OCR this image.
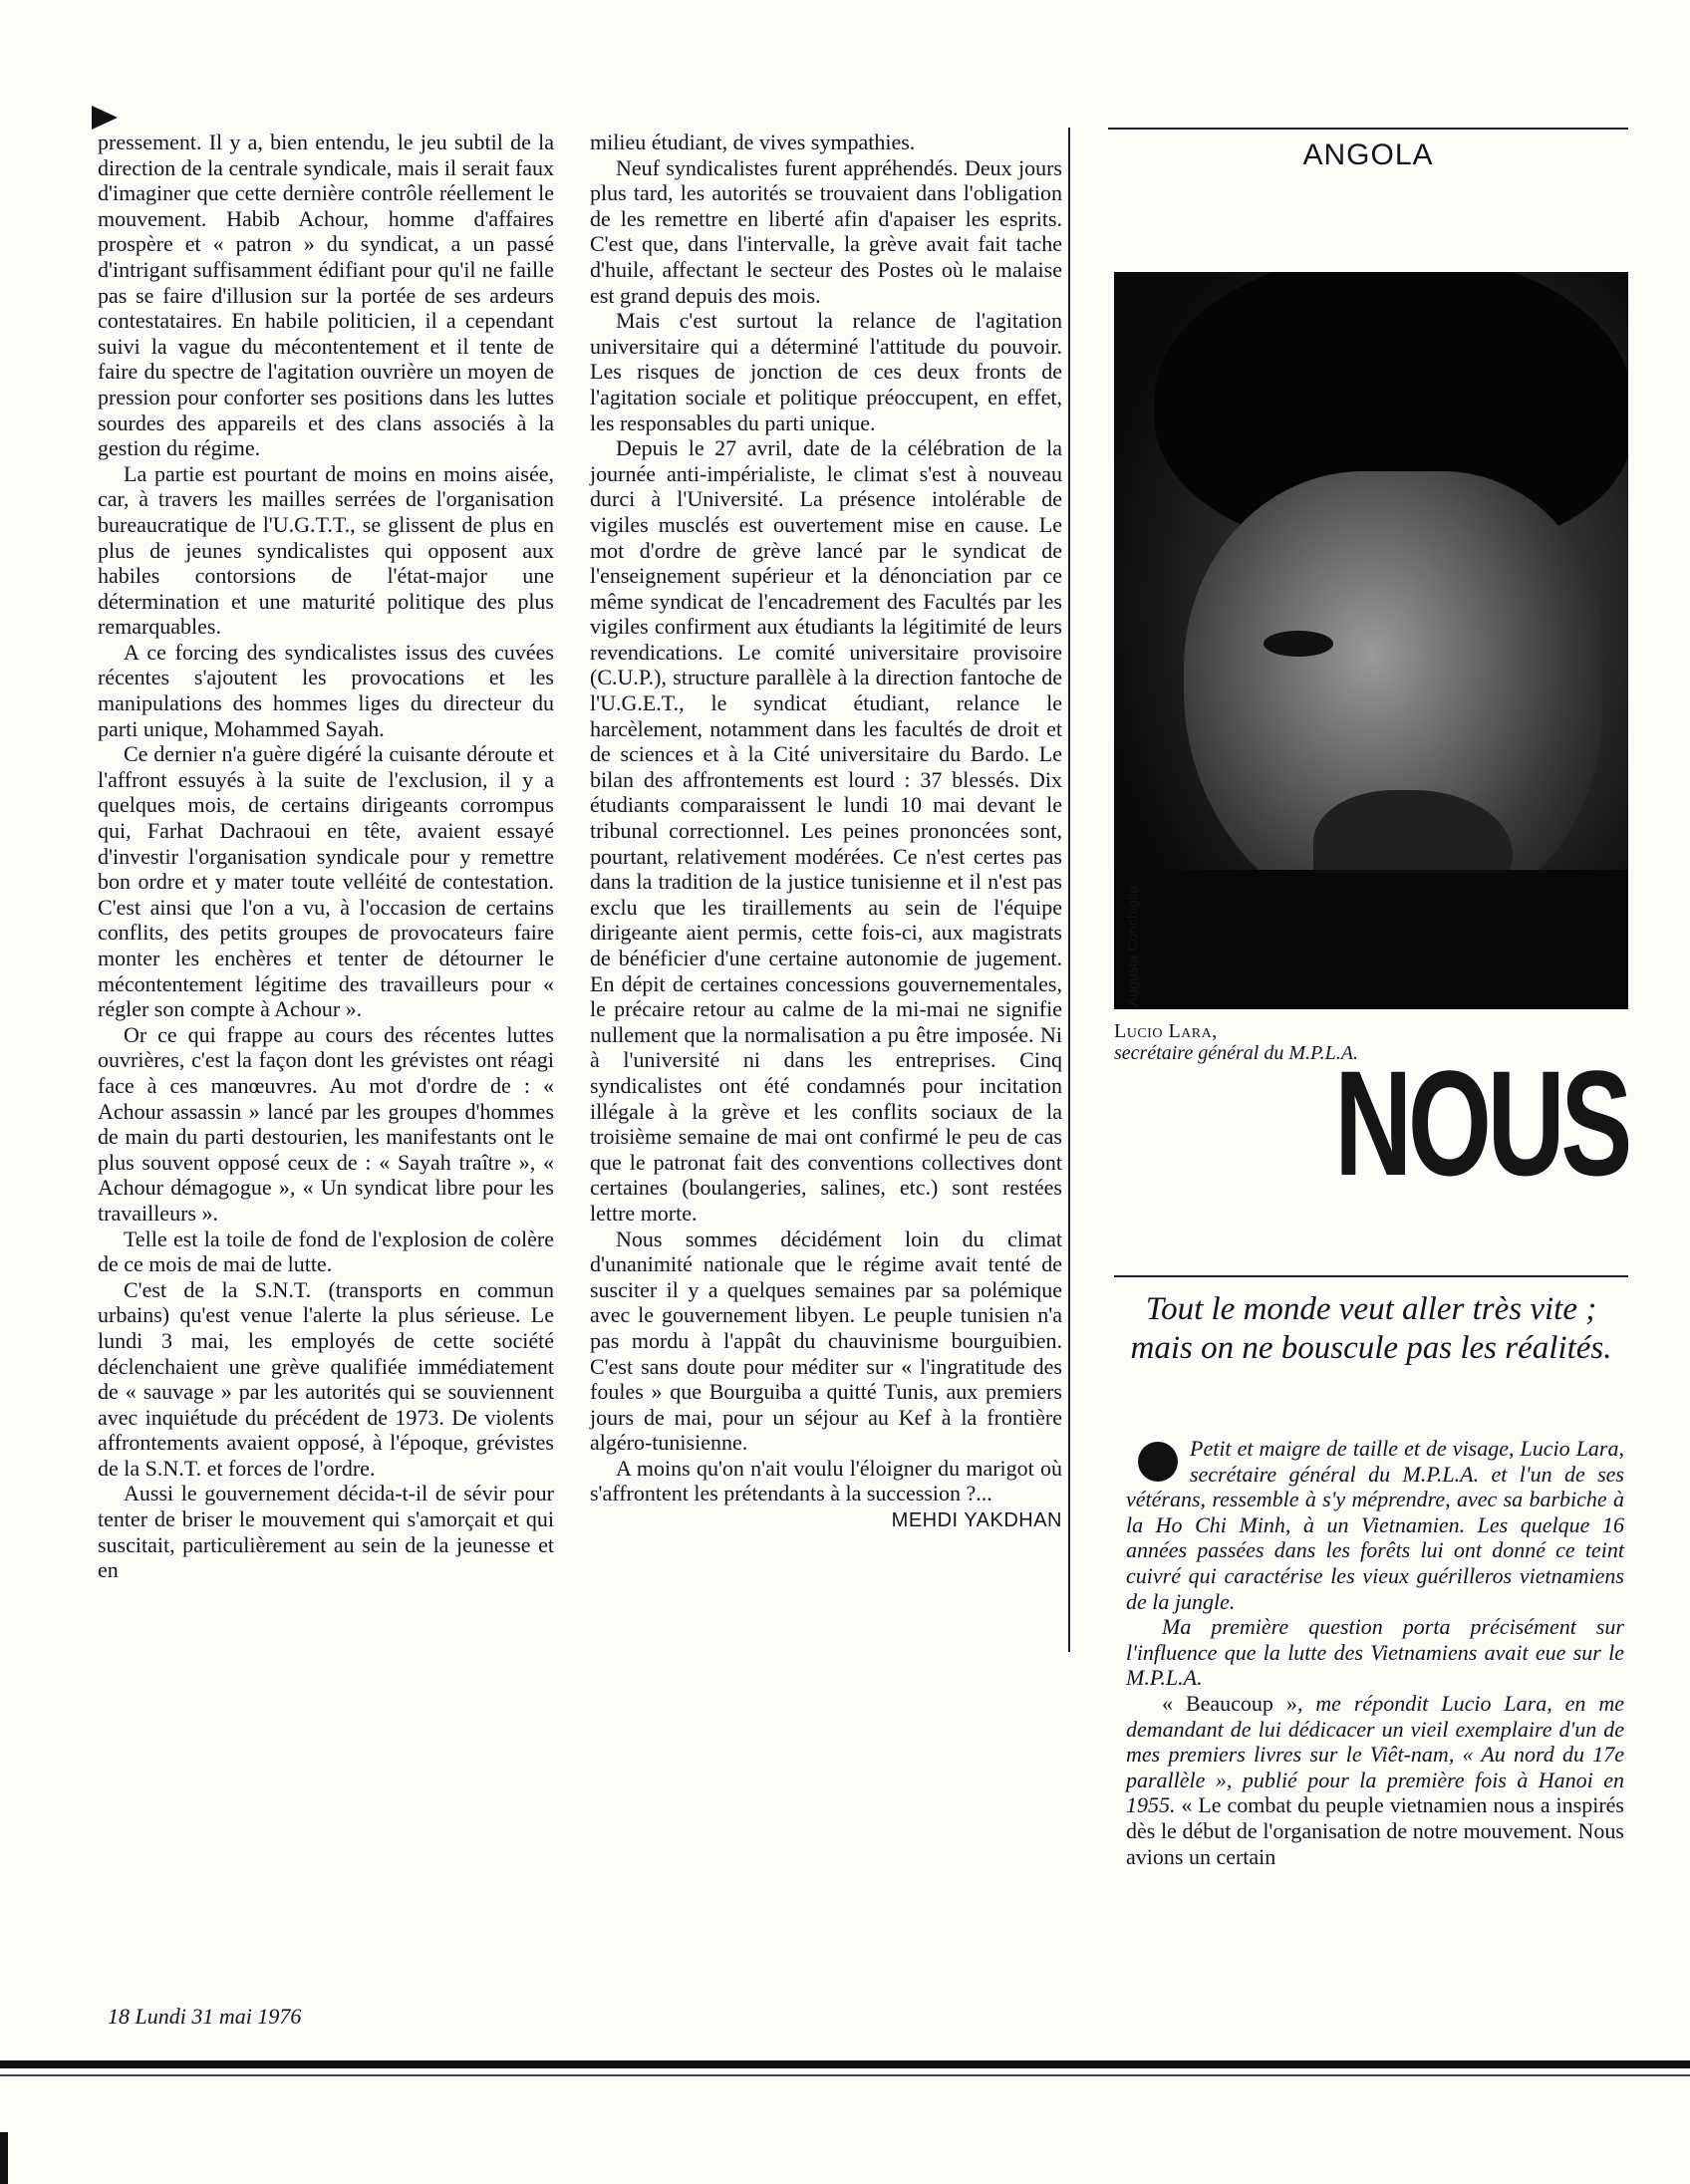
pressement. Il y a, bien entendu, le jeu subtil de la direction de la centrale syndicale, mais il serait faux d'imaginer que cette dernière contrôle réellement le mouvement. Habib Achour, homme d'affaires prospère et « patron » du syndicat, a un passé d'intrigant suffisamment édifiant pour qu'il ne faille pas se faire d'illusion sur la portée de ses ardeurs contestataires. En habile politicien, il a cependant suivi la vague du mécontentement et il tente de faire du spectre de l'agitation ouvrière un moyen de pression pour conforter ses positions dans les luttes sourdes des appareils et des clans associés à la gestion du régime.

La partie est pourtant de moins en moins aisée, car, à travers les mailles serrées de l'organisation bureaucratique de l'U.G.T.T., se glissent de plus en plus de jeunes syndicalistes qui opposent aux habiles contorsions de l'état-major une détermination et une maturité politique des plus remarquables.

A ce forcing des syndicalistes issus des cuvées récentes s'ajoutent les provocations et les manipulations des hommes liges du directeur du parti unique, Mohammed Sayah.

Ce dernier n'a guère digéré la cuisante déroute et l'affront essuyés à la suite de l'exclusion, il y a quelques mois, de certains dirigeants corrompus qui, Farhat Dachraoui en tête, avaient essayé d'investir l'organisation syndicale pour y remettre bon ordre et y mater toute velléité de contestation. C'est ainsi que l'on a vu, à l'occasion de certains conflits, des petits groupes de provocateurs faire monter les enchères et tenter de détourner le mécontentement légitime des travailleurs pour « régler son compte à Achour ».

Or ce qui frappe au cours des récentes luttes ouvrières, c'est la façon dont les grévistes ont réagi face à ces manœuvres. Au mot d'ordre de : « Achour assassin » lancé par les groupes d'hommes de main du parti destourien, les manifestants ont le plus souvent opposé ceux de : « Sayah traître », « Achour démagogue », « Un syndicat libre pour les travailleurs ».

Telle est la toile de fond de l'explosion de colère de ce mois de mai de lutte.

C'est de la S.N.T. (transports en commun urbains) qu'est venue l'alerte la plus sérieuse. Le lundi 3 mai, les employés de cette société déclenchaient une grève qualifiée immédiatement de « sauvage » par les autorités qui se souviennent avec inquiétude du précédent de 1973. De violents affrontements avaient opposé, à l'époque, grévistes de la S.N.T. et forces de l'ordre.

Aussi le gouvernement décida-t-il de sévir pour tenter de briser le mouvement qui s'amorçait et qui suscitait, particulièrement au sein de la jeunesse et en

milieu étudiant, de vives sympathies.

Neuf syndicalistes furent appréhendés. Deux jours plus tard, les autorités se trouvaient dans l'obligation de les remettre en liberté afin d'apaiser les esprits. C'est que, dans l'intervalle, la grève avait fait tache d'huile, affectant le secteur des Postes où le malaise est grand depuis des mois.

Mais c'est surtout la relance de l'agitation universitaire qui a déterminé l'attitude du pouvoir. Les risques de jonction de ces deux fronts de l'agitation sociale et politique préoccupent, en effet, les responsables du parti unique.

Depuis le 27 avril, date de la célébration de la journée anti-impérialiste, le climat s'est à nouveau durci à l'Université. La présence intolérable de vigiles musclés est ouvertement mise en cause. Le mot d'ordre de grève lancé par le syndicat de l'enseignement supérieur et la dénonciation par ce même syndicat de l'encadrement des Facultés par les vigiles confirment aux étudiants la légitimité de leurs revendications. Le comité universitaire provisoire (C.U.P.), structure parallèle à la direction fantoche de l'U.G.E.T., le syndicat étudiant, relance le harcèlement, notamment dans les facultés de droit et de sciences et à la Cité universitaire du Bardo. Le bilan des affrontements est lourd : 37 blessés. Dix étudiants comparaissent le lundi 10 mai devant le tribunal correctionnel. Les peines prononcées sont, pourtant, relativement modérées. Ce n'est certes pas dans la tradition de la justice tunisienne et il n'est pas exclu que les tiraillements au sein de l'équipe dirigeante aient permis, cette fois-ci, aux magistrats de bénéficier d'une certaine autonomie de jugement. En dépit de certaines concessions gouvernementales, le précaire retour au calme de la mi-mai ne signifie nullement que la normalisation a pu être imposée. Ni à l'université ni dans les entreprises. Cinq syndicalistes ont été condamnés pour incitation illégale à la grève et les conflits sociaux de la troisième semaine de mai ont confirmé le peu de cas que le patronat fait des conventions collectives dont certaines (boulangeries, salines, etc.) sont restées lettre morte.

Nous sommes décidément loin du climat d'unanimité nationale que le régime avait tenté de susciter il y a quelques semaines par sa polémique avec le gouvernement libyen. Le peuple tunisien n'a pas mordu à l'appât du chauvinisme bourguibien. C'est sans doute pour méditer sur « l'ingratitude des foules » que Bourguiba a quitté Tunis, aux premiers jours de mai, pour un séjour au Kef à la frontière algéro-tunisienne.

A moins qu'on n'ait voulu l'éloigner du marigot où s'affrontent les prétendants à la succession ?...

MEHDI YAKDHAN
ANGOLA
Augusta Conchiglia.
Lucio Lara,
secrétaire général du M.P.L.A.
NOUS
Tout le monde veut aller très vite ; mais on ne bouscule pas les réalités.

Petit et maigre de taille et de visage, Lucio Lara, secrétaire général du M.P.L.A. et l'un de ses vétérans, ressemble à s'y méprendre, avec sa barbiche à la Ho Chi Minh, à un Vietnamien. Les quelque 16 années passées dans les forêts lui ont donné ce teint cuivré qui caractérise les vieux guérilleros vietnamiens de la jungle.

Ma première question porta précisément sur l'influence que la lutte des Vietnamiens avait eue sur le M.P.L.A.

« Beaucoup », me répondit Lucio Lara, en me demandant de lui dédicacer un vieil exemplaire d'un de mes premiers livres sur le Viêt-nam, « Au nord du 17e parallèle », publié pour la première fois à Hanoi en 1955. « Le combat du peuple vietnamien nous a inspirés dès le début de l'organisation de notre mouvement. Nous avions un certain

18 Lundi 31 mai 1976
